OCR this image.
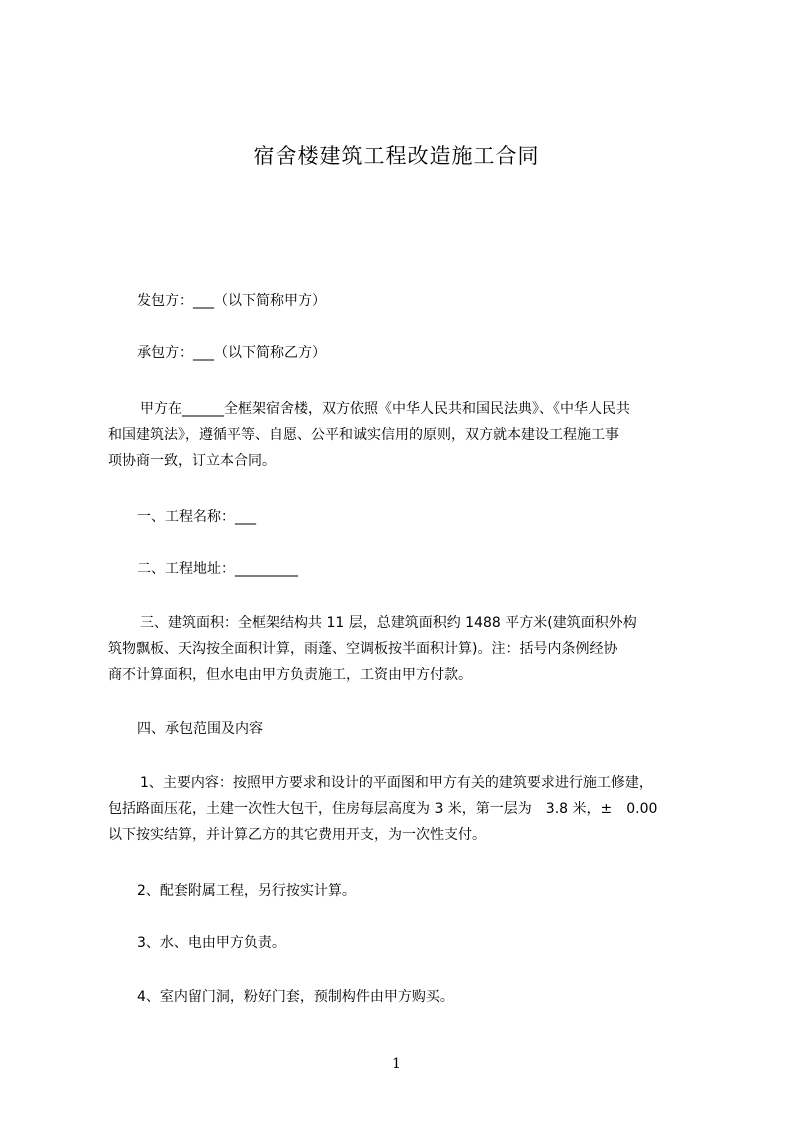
宿舍楼建筑工程改造施工合同
发包方：___（以下简称甲方）
承包方：___（以下简称乙方）
甲方在______全框架宿舍楼，双方依照《中华人民共和国民法典》、《中华人民共
和国建筑法》，遵循平等、自愿、公平和诚实信用的原则，双方就本建设工程施工事
项协商一致，订立本合同。
一、工程名称：___
二、工程地址：_________
三、建筑面积：全框架结构共 11 层，总建筑面积约 1488 平方米(建筑面积外构
筑物飘板、天沟按全面积计算，雨蓬、空调板按半面积计算)。注：括号内条例经协
商不计算面积，但水电由甲方负责施工，工资由甲方付款。
四、承包范围及内容
1、主要内容：按照甲方要求和设计的平面图和甲方有关的建筑要求进行施工修建，
包括路面压花，土建一次性大包干，住房每层高度为 3 米，第一层为　3.8 米，±　0.00
以下按实结算，并计算乙方的其它费用开支，为一次性支付。
2、配套附属工程，另行按实计算。
3、水、电由甲方负责。
4、室内留门洞，粉好门套，预制构件由甲方购买。
1
